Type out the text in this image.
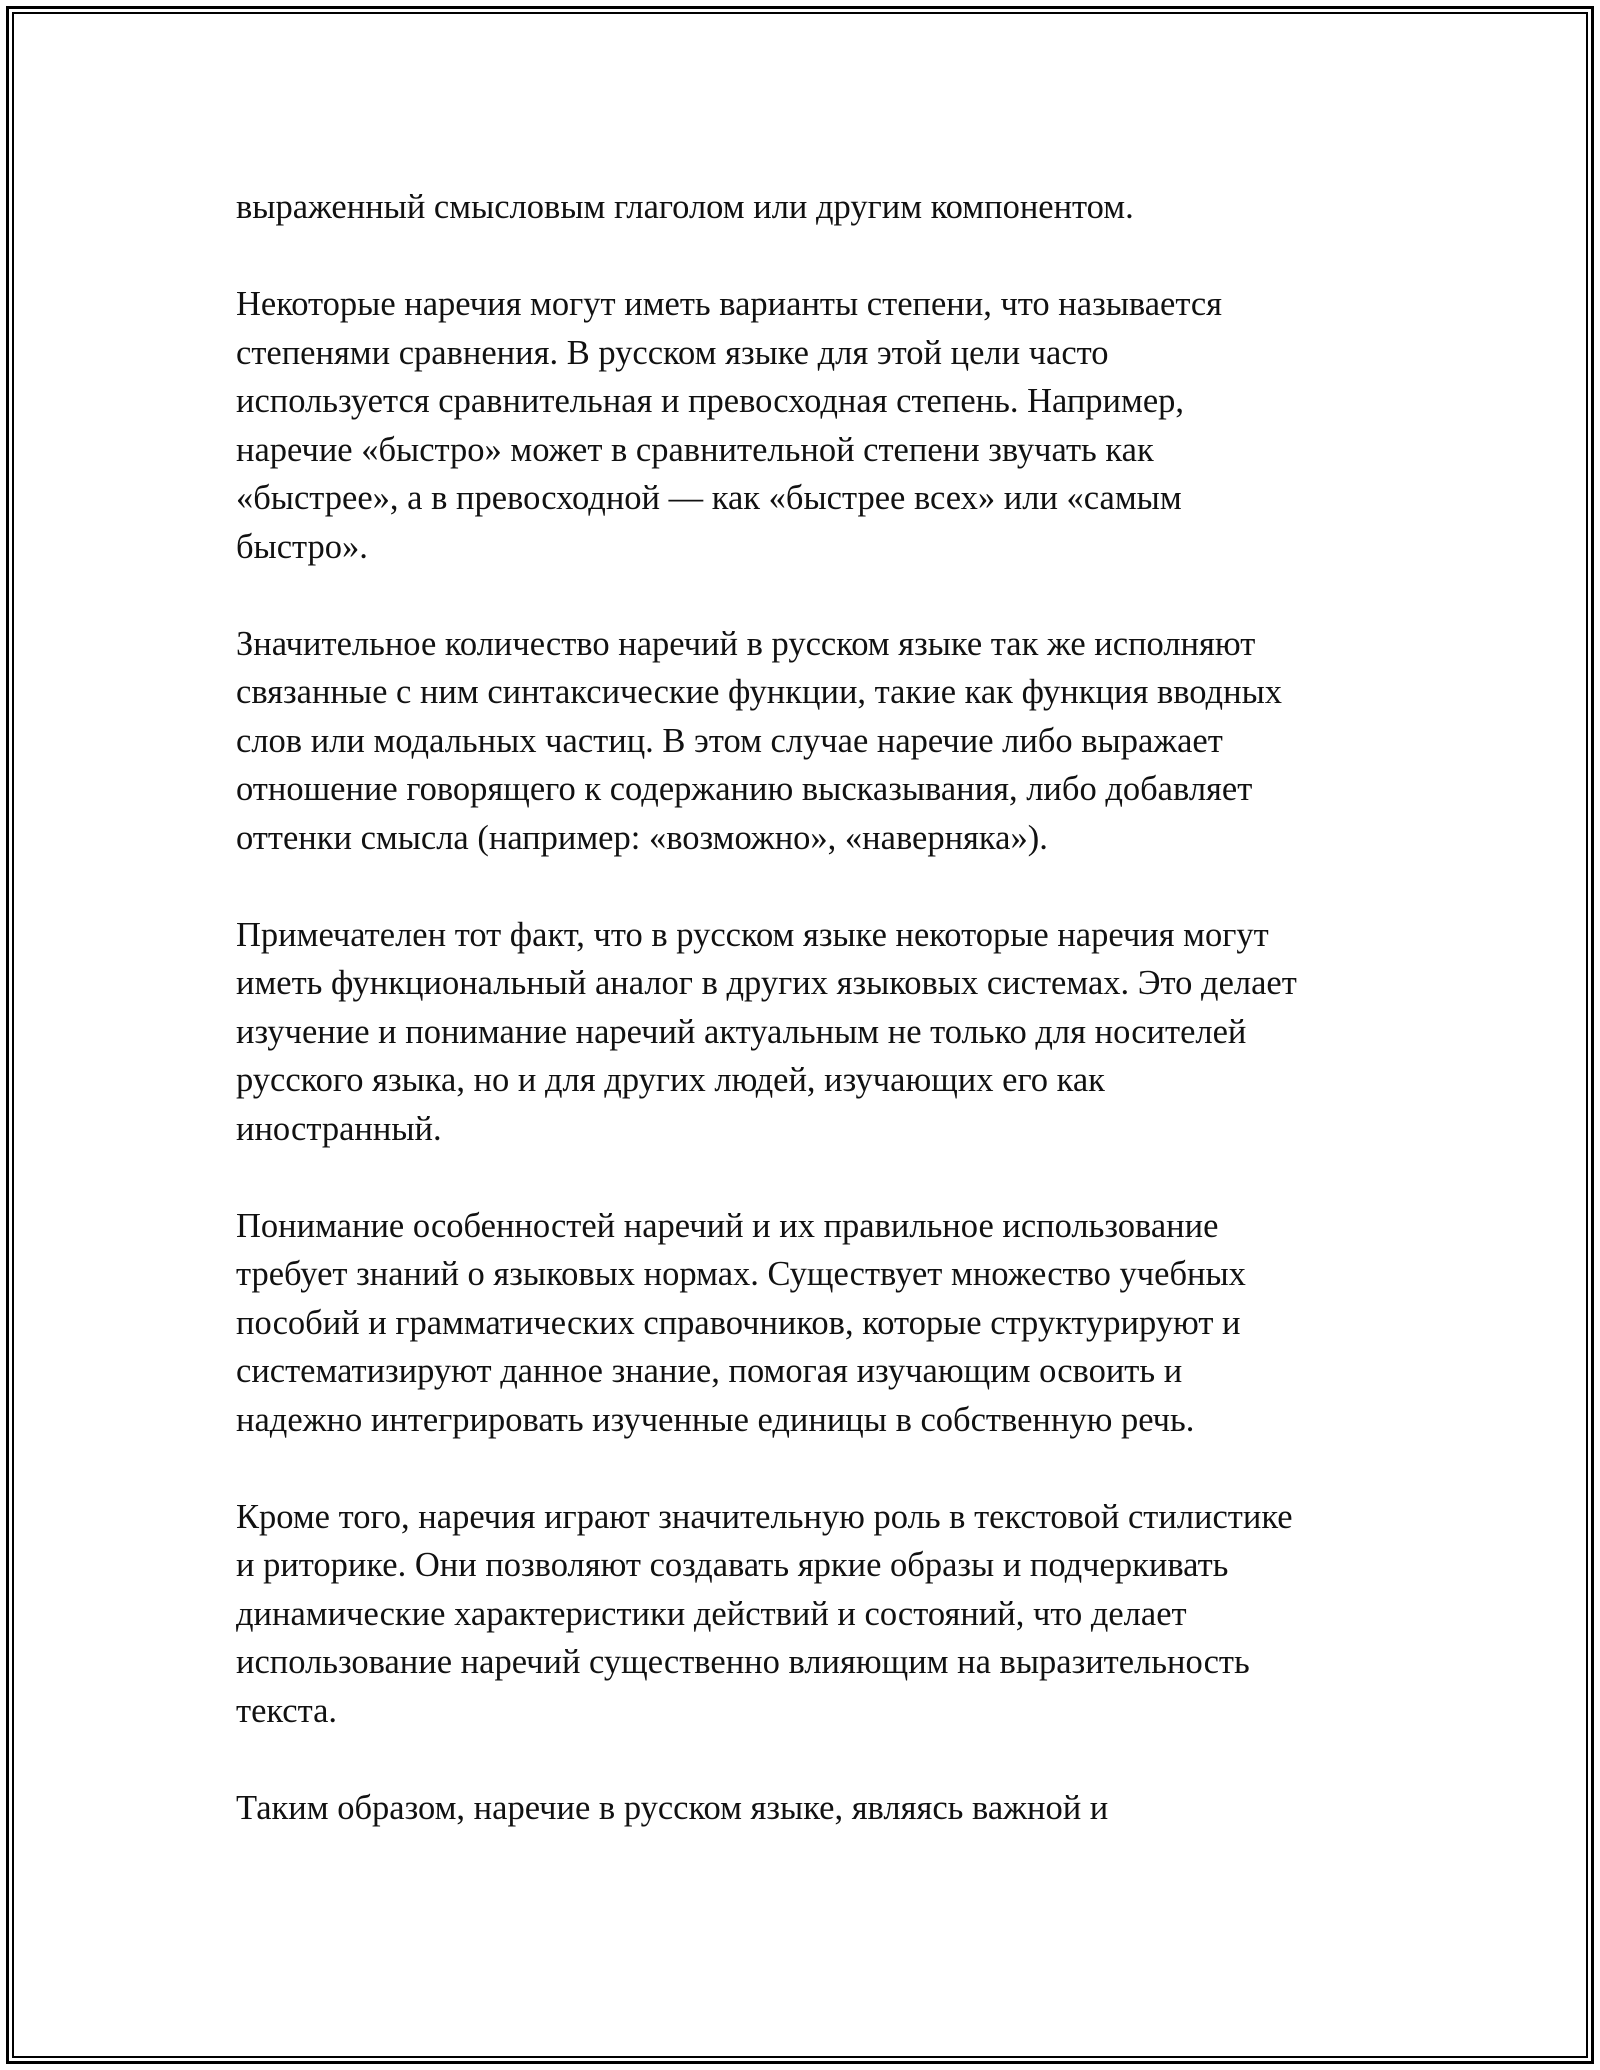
выраженный смысловым глаголом или другим компонентом.
Некоторые наречия могут иметь варианты степени, что называется
степенями сравнения. В русском языке для этой цели часто
используется сравнительная и превосходная степень. Например,
наречие «быстро» может в сравнительной степени звучать как
«быстрее», а в превосходной — как «быстрее всех» или «самым
быстро».
Значительное количество наречий в русском языке так же исполняют
связанные с ним синтаксические функции, такие как функция вводных
слов или модальных частиц. В этом случае наречие либо выражает
отношение говорящего к содержанию высказывания, либо добавляет
оттенки смысла (например: «возможно», «наверняка»).
Примечателен тот факт, что в русском языке некоторые наречия могут
иметь функциональный аналог в других языковых системах. Это делает
изучение и понимание наречий актуальным не только для носителей
русского языка, но и для других людей, изучающих его как
иностранный.
Понимание особенностей наречий и их правильное использование
требует знаний о языковых нормах. Существует множество учебных
пособий и грамматических справочников, которые структурируют и
систематизируют данное знание, помогая изучающим освоить и
надежно интегрировать изученные единицы в собственную речь.
Кроме того, наречия играют значительную роль в текстовой стилистике
и риторике. Они позволяют создавать яркие образы и подчеркивать
динамические характеристики действий и состояний, что делает
использование наречий существенно влияющим на выразительность
текста.
Таким образом, наречие в русском языке, являясь важной и
